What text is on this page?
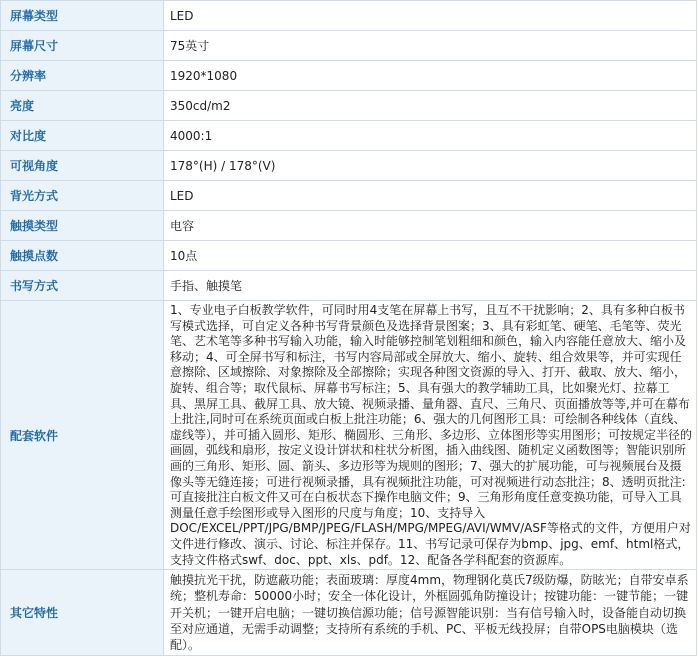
屏幕类型	LED
屏幕尺寸	75英寸
分辨率	1920*1080
亮度	350cd/m2
对比度	4000:1
可视角度	178°(H) / 178°(V)
背光方式	LED
触摸类型	电容
触摸点数	10点
书写方式	手指、触摸笔
配套软件	1、专业电子白板教学软件，可同时用4支笔在屏幕上书写，且互不干扰影响；2、具有多种白板书写模式选择，可自定义各种书写背景颜色及选择背景图案；3、具有彩虹笔、硬笔、毛笔等、荧光笔、艺术笔等多种书写输入功能，输入时能够控制笔划粗细和颜色，输入内容能任意放大、缩小及移动；4、可全屏书写和标注，书写内容局部或全屏放大、缩小、旋转、组合效果等，并可实现任意擦除、区域擦除、对象擦除及全部擦除；实现各种图文资源的导入、打开、截取、放大、缩小，旋转、组合等；取代鼠标、屏幕书写标注；5、具有强大的教学辅助工具，比如聚光灯、拉幕工具、黑屏工具、截屏工具、放大镜、视频录播、量角器、直尺、三角尺、页面播放等等,并可在幕布上批注,同时可在系统页面或白板上批注功能；6、强大的几何图形工具：可绘制各种线体（直线、虚线等），并可插入圆形、矩形、椭圆形、三角形、多边形、立体图形等实用图形；可按规定半径的画圆，弧线和扇形，按定义设计饼状和柱状分析图，插入曲线图、随机定义函数图等；智能识别所画的三角形、矩形、圆、箭头、多边形等为规则的图形；7、强大的扩展功能，可与视频展台及摄像头等无缝连接；可进行视频录播，具有视频批注功能，可对视频进行动态批注；8、透明页批注:可直接批注白板文件又可在白板状态下操作电脑文件；9、三角形角度任意变换功能，可导入工具测量任意手绘图形或导入图形的尺度与角度；10、支持导入DOC/EXCEL/PPT/JPG/BMP/JPEG/FLASH/MPG/MPEG/AVI/WMV/ASF等格式的文件，方便用户对文件进行修改、演示、讨论、标注并保存。11、书写记录可保存为bmp、jpg、emf、html格式，支持文件格式swf、doc、ppt、xls、pdf。12、配备各学科配套的资源库。
其它特性	触摸抗光干扰，防遮蔽功能；表面玻璃：厚度4mm，物理钢化莫氏7级防爆，防眩光；自带安卓系统；整机寿命：50000小时；安全一体化设计，外框圆弧角防撞设计；按键功能：一键节能；一键开关机；一键开启电脑；一键切换信源功能；信号源智能识别：当有信号输入时，设备能自动切换至对应通道，无需手动调整；支持所有系统的手机、PC、平板无线投屏；自带OPS电脑模块（选配）。
